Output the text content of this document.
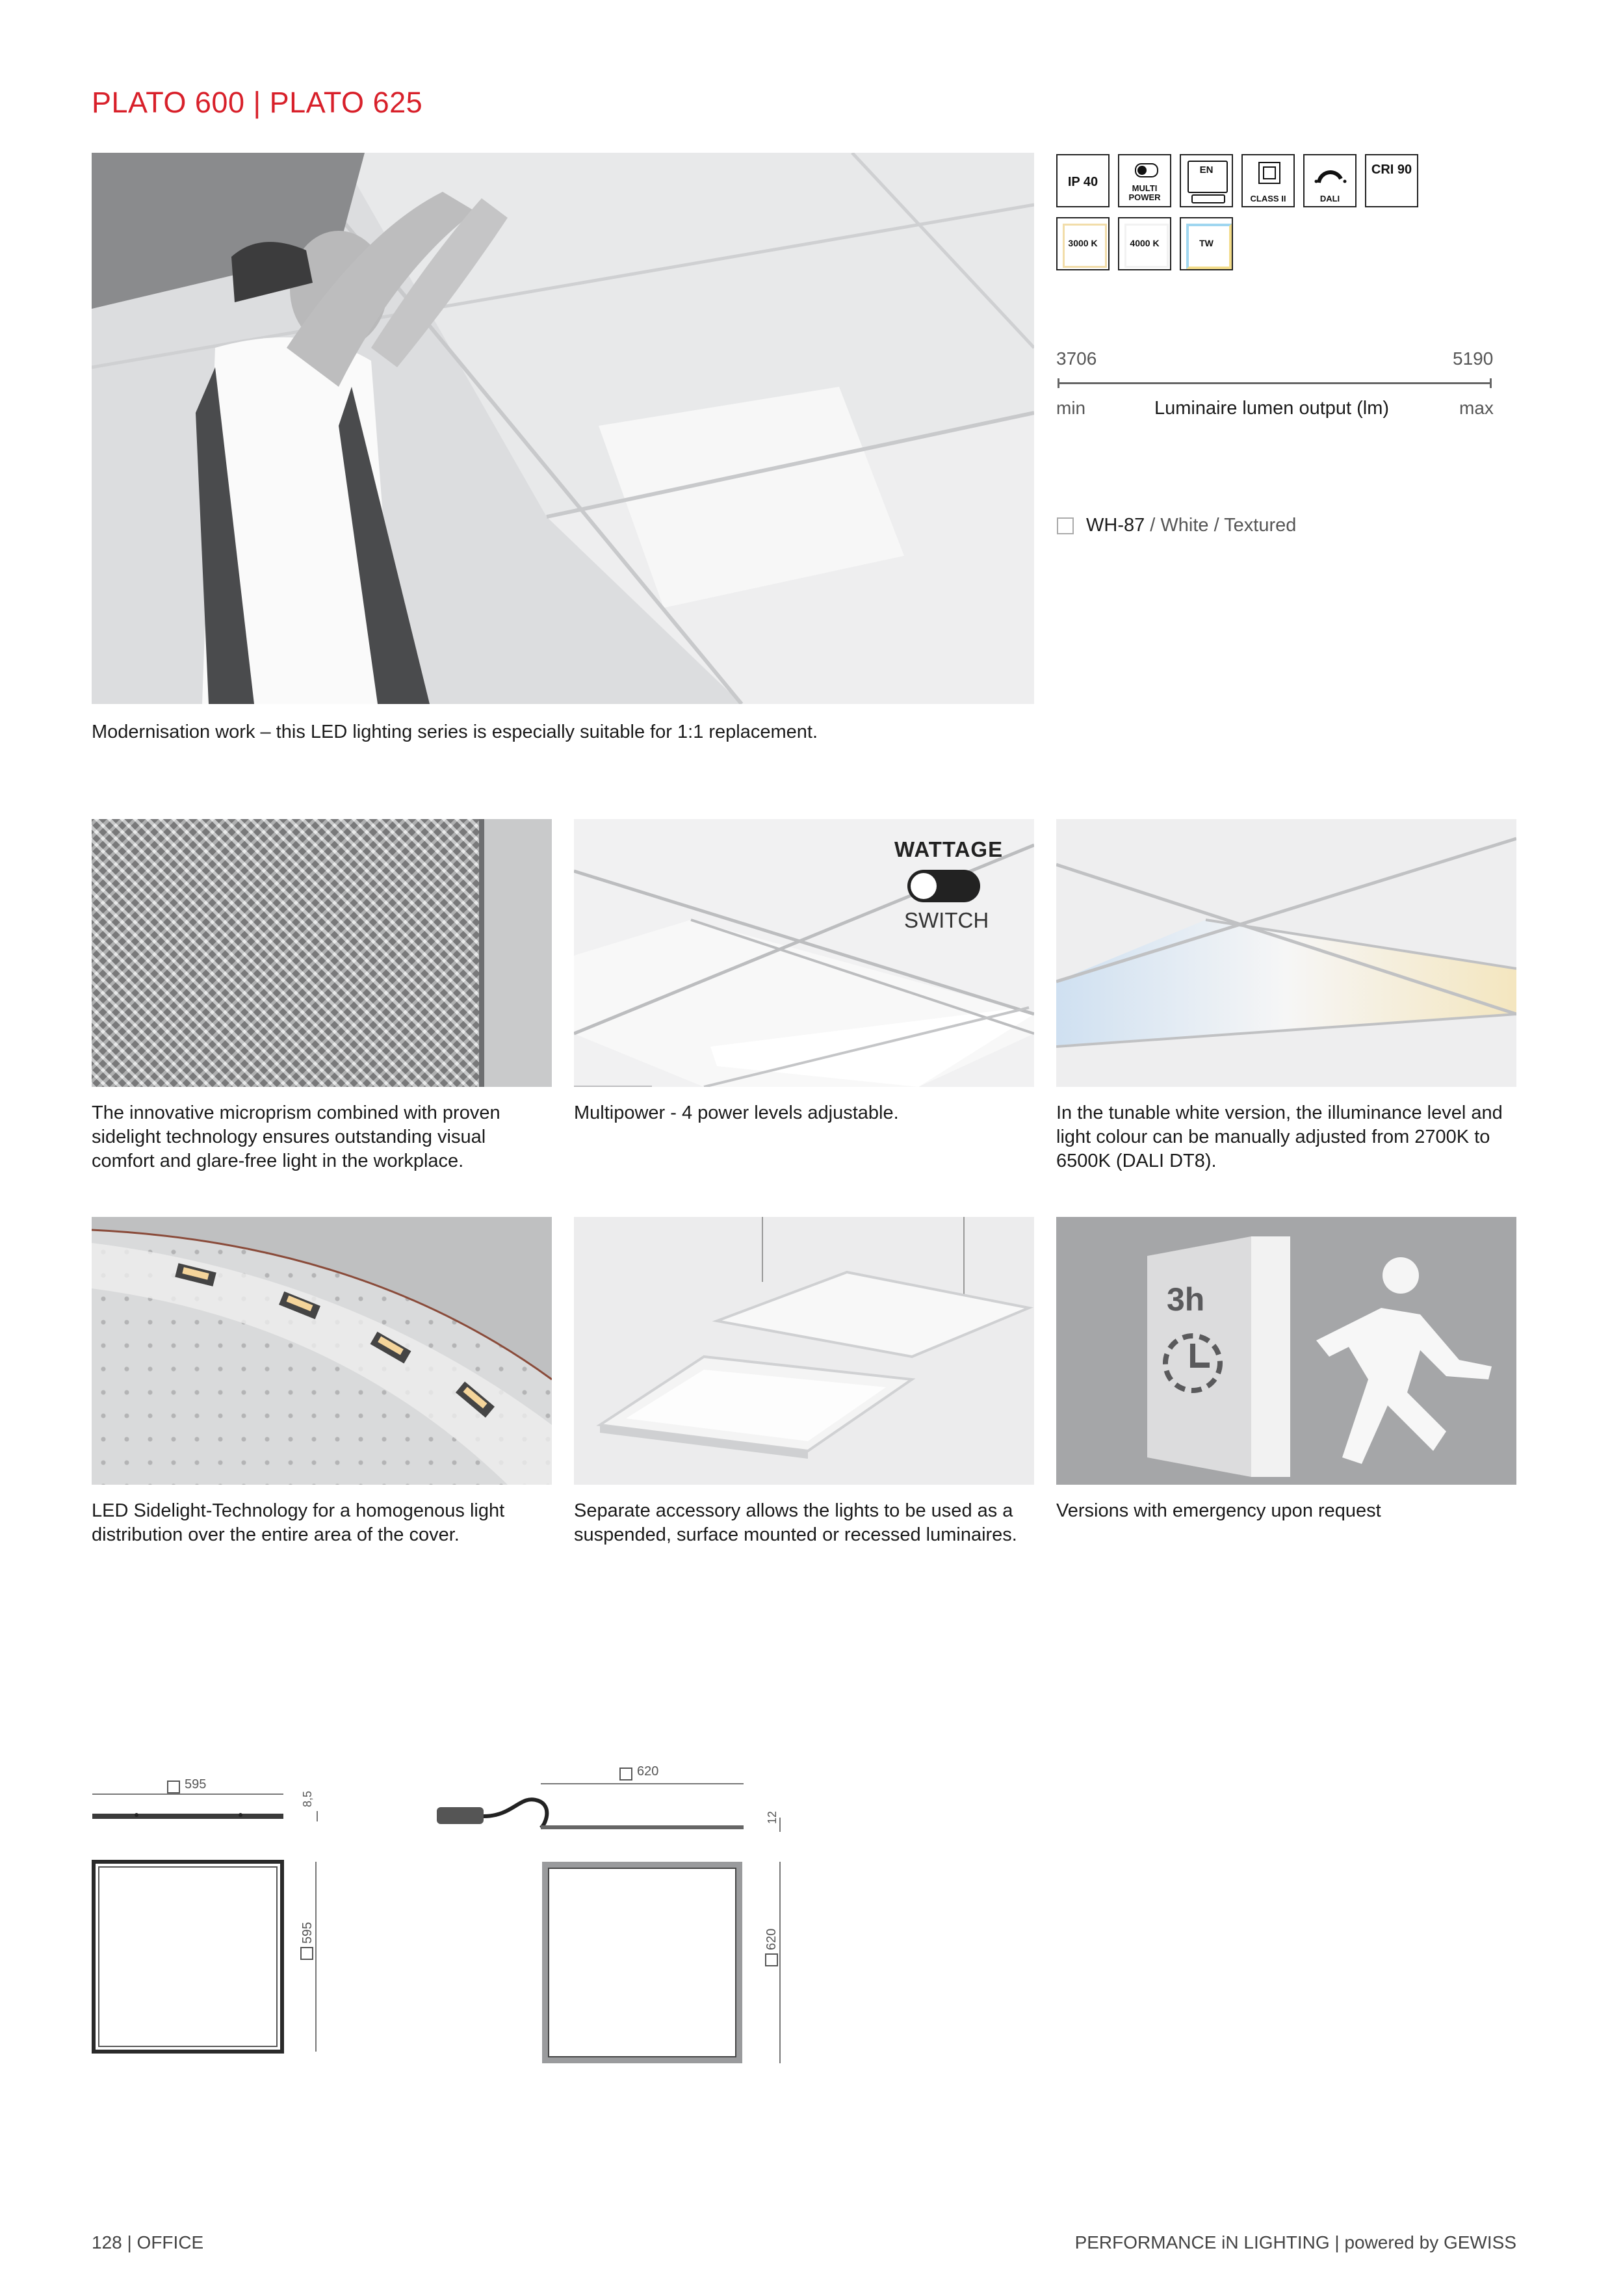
PLATO 600 | PLATO 625
IP 40	MULTI POWER
EN
CLASS II	DALI
CRI 90
3000 K	4000 K	TW
3706	5190
min	Luminaire lumen output (lm)	max
WH-87 / White / Textured
Modernisation work – this LED lighting series is especially suitable for 1:1 replacement.
WATTAGE
SWITCH
The innovative microprism combined with proven sidelight technology ensures outstanding visual comfort and glare-free light in the workplace.
Multipower - 4 power levels adjustable.	In the tunable white version, the illuminance level and light colour can be manually adjusted from 2700K to 6500K (DALI DT8).
3h
LED Sidelight-Technology for a homogenous light distribution over the entire area of the cover.
Separate accessory allows the lights to be used as a suspended, surface mounted or recessed luminaires.
Versions with emergency upon request
595
8,5
595
620
12
620
128 | OFFICE	PERFORMANCE iN LIGHTING | powered by GEWISS
